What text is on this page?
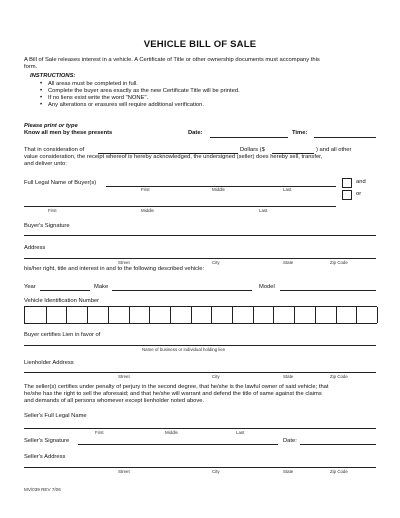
VEHICLE BILL OF SALE
A Bill of Sale releases interest in a vehicle. A Certificate of Title or other ownership documents must accompany this
form.
INSTRUCTIONS:
• All areas must be completed in full.
• Complete the buyer area exactly as the new Certificate Title will be printed.
• If no liens exist write the word "NONE".
• Any alterations or erasures will require additional verification.
Please print or type
Know all men by these presents	Date:	Time:
That in consideration of	Dollars ($	) and all other
value consideration, the receipt whereof is hereby acknowledged, the undersigned (seller) does hereby sell, transfer,
and deliver unto:
Full Legal Name of Buyer(s)
First	Middle	Last
and
or
First	Middle	Last
Buyer's Signature
Address
Street	City	State	Zip Code
his/her right, title and interest in and to the following described vehicle:
Year	Make	Model
Vehicle Identification Number
Buyer certifies Lien in favor of
Name of business or individual holding lien
Lienholder Address
Street	City	State	Zip Code
The seller(s) certifies under penalty of perjury in the second degree, that he/she is the lawful owner of said vehicle; that
he/she has the right to sell the aforesaid; and that he/she will warrant and defend the title of same against the claims
and demands of all persons whomever except lienholder noted above.
Seller's Full Legal Name
First	Middle	Last
Seller's Signature	Date:
Seller's Address
Street	City	State	Zip Code
MV/039 REV 7/06
